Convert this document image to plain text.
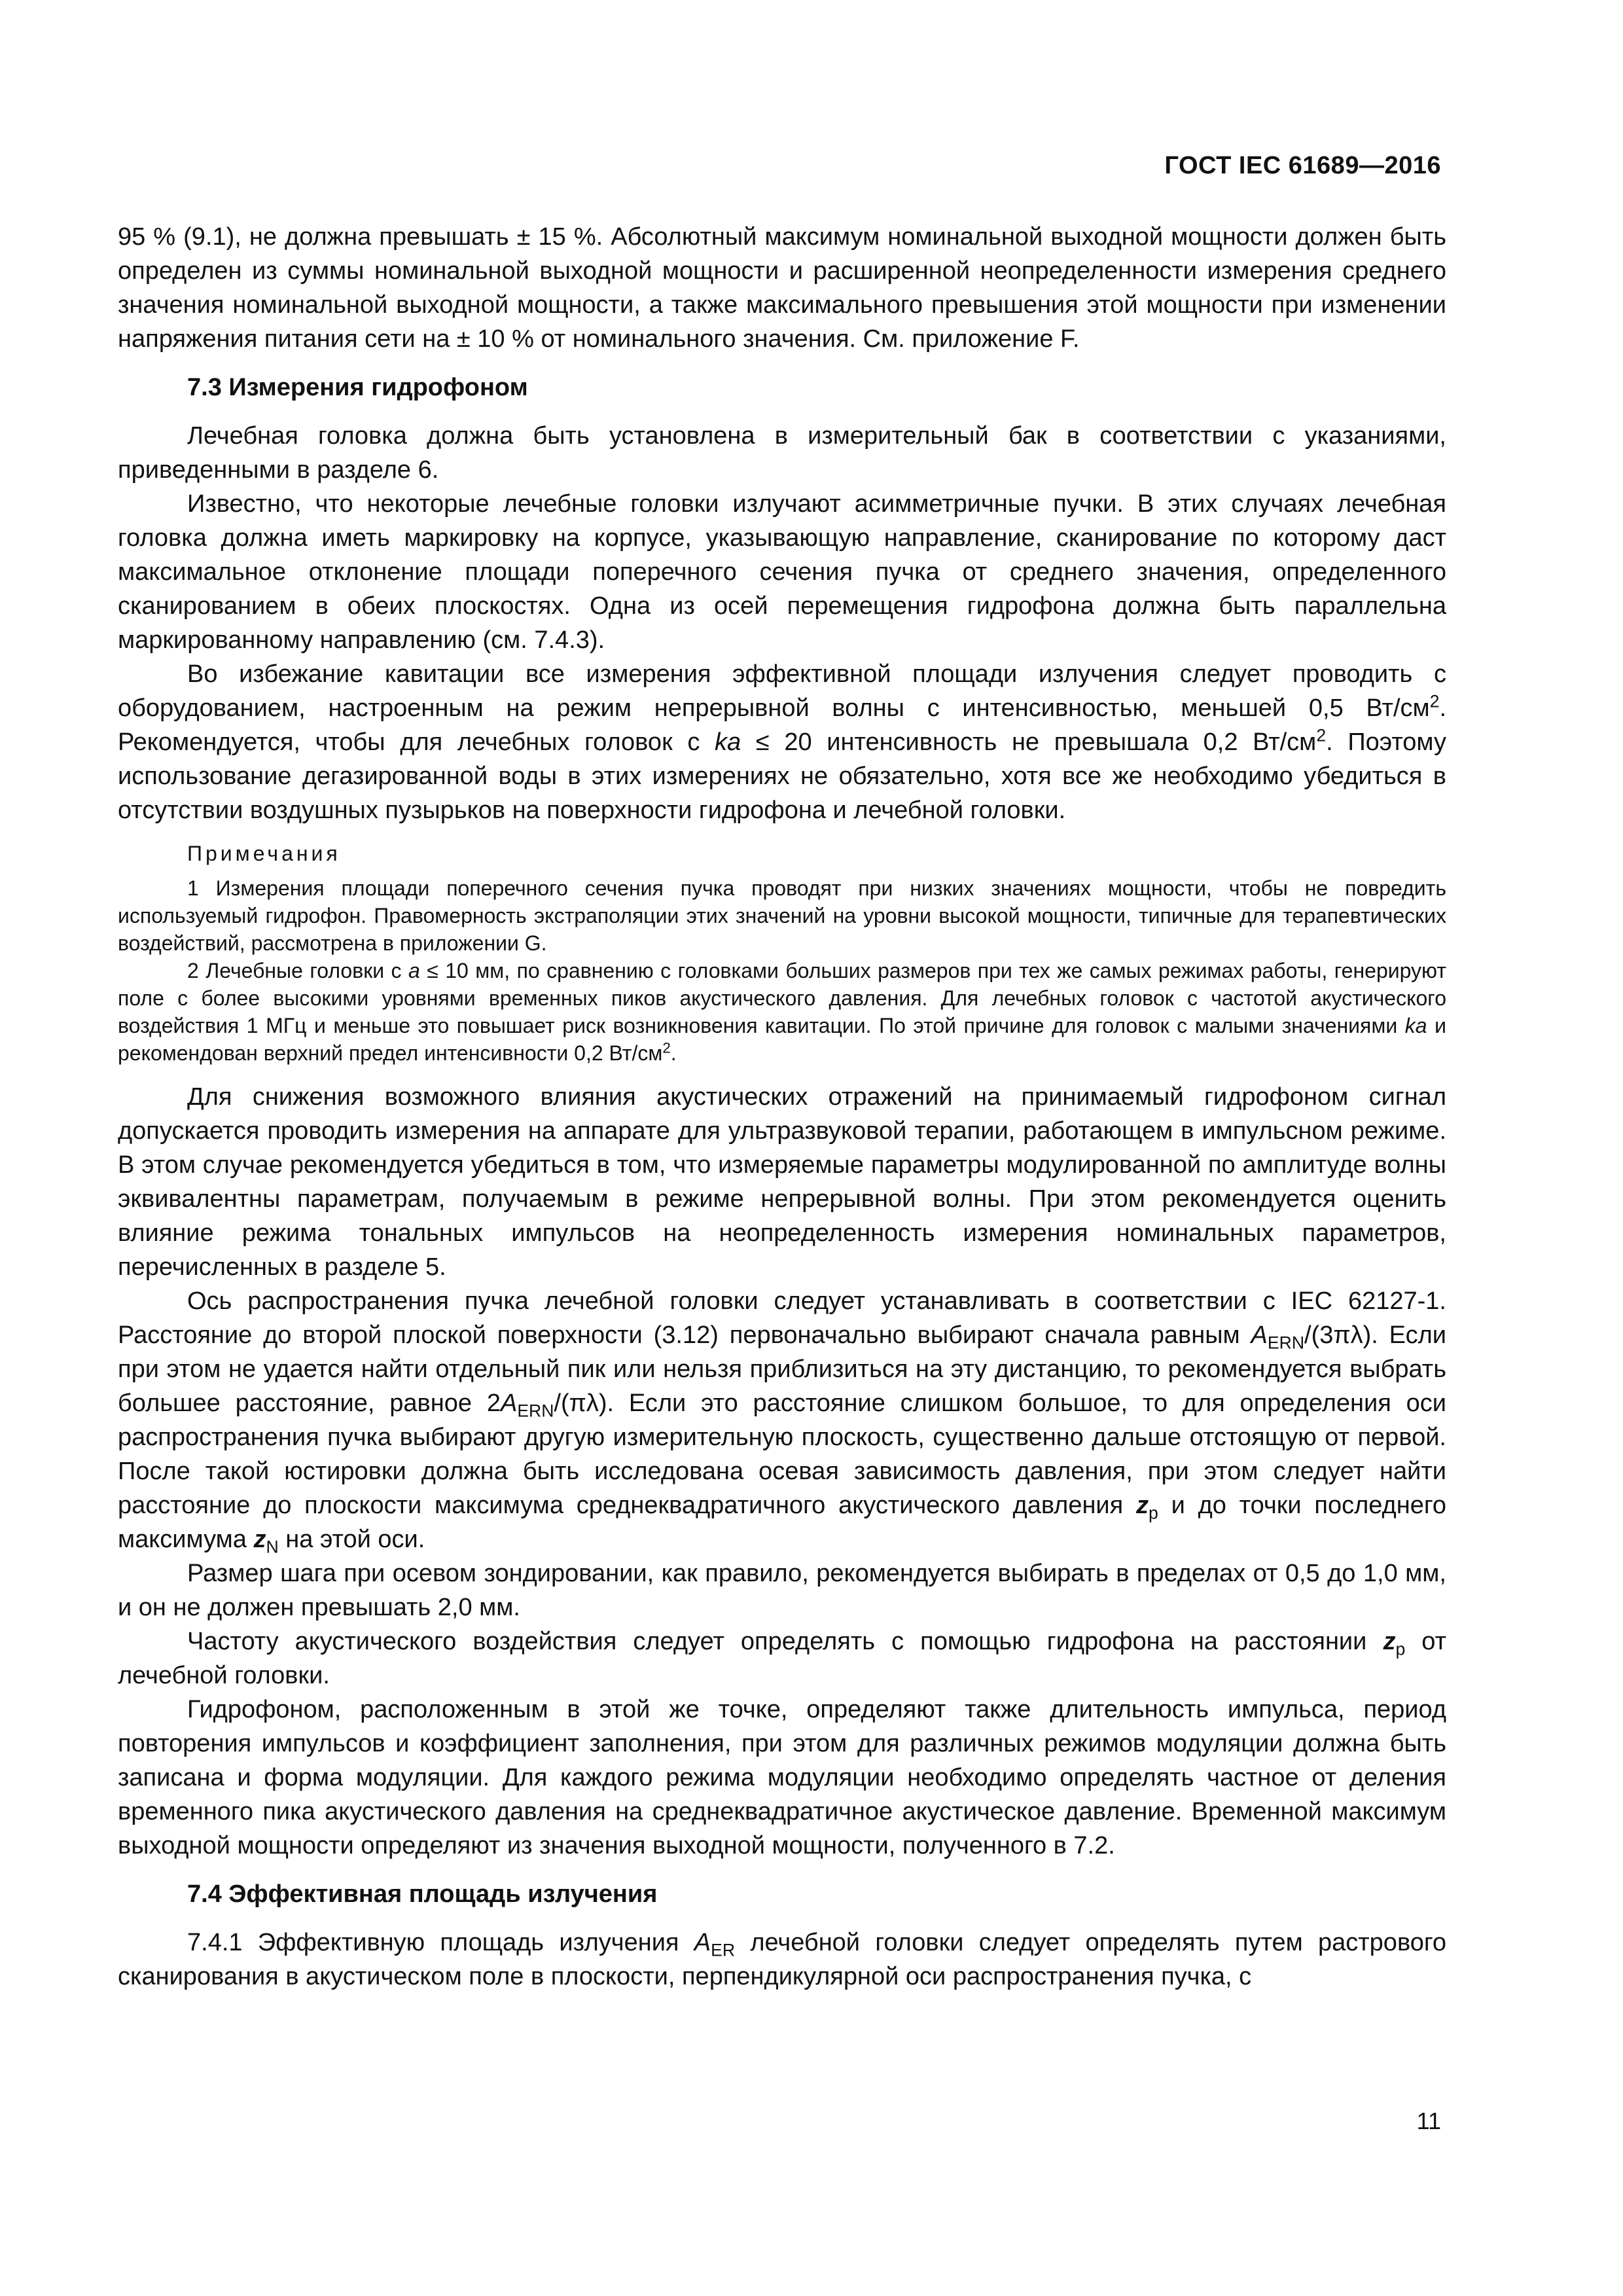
ГОСТ IEC 61689—2016

95 % (9.1), не должна превышать ± 15 %. Абсолютный максимум номинальной выходной мощности должен быть определен из суммы номинальной выходной мощности и расширенной неопределенности измерения среднего значения номинальной выходной мощности, а также максимального превышения этой мощности при изменении напряжения питания сети на ± 10 % от номинального значения. См. приложение F.

7.3 Измерения гидрофоном

Лечебная головка должна быть установлена в измерительный бак в соответствии с указаниями, приведенными в разделе 6.

Известно, что некоторые лечебные головки излучают асимметричные пучки. В этих случаях лечебная головка должна иметь маркировку на корпусе, указывающую направление, сканирование по которому даст максимальное отклонение площади поперечного сечения пучка от среднего значения, определенного сканированием в обеих плоскостях. Одна из осей перемещения гидрофона должна быть параллельна маркированному направлению (см. 7.4.3).

Во избежание кавитации все измерения эффективной площади излучения следует проводить с оборудованием, настроенным на режим непрерывной волны с интенсивностью, меньшей 0,5 $Вт/см^2$. Рекомендуется, чтобы для лечебных головок с ka ≤ 20 интенсивность не превышала 0,2 $Вт/см^2$. Поэтому использование дегазированной воды в этих измерениях не обязательно, хотя все же необходимо убедиться в отсутствии воздушных пузырьков на поверхности гидрофона и лечебной головки.

Примечания

1 Измерения площади поперечного сечения пучка проводят при низких значениях мощности, чтобы не повредить используемый гидрофон. Правомерность экстраполяции этих значений на уровни высокой мощности, типичные для терапевтических воздействий, рассмотрена в приложении G.

2 Лечебные головки с a ≤ 10 мм, по сравнению с головками больших размеров при тех же самых режимах работы, генерируют поле с более высокими уровнями временных пиков акустического давления. Для лечебных головок с частотой акустического воздействия 1 МГц и меньше это повышает риск возникновения кавитации. По этой причине для головок с малыми значениями ka и рекомендован верхний предел интенсивности 0,2 $Вт/см^2$.

Для снижения возможного влияния акустических отражений на принимаемый гидрофоном сигнал допускается проводить измерения на аппарате для ультразвуковой терапии, работающем в импульсном режиме. В этом случае рекомендуется убедиться в том, что измеряемые параметры модулированной по амплитуде волны эквивалентны параметрам, получаемым в режиме непрерывной волны. При этом рекомендуется оценить влияние режима тональных импульсов на неопределенность измерения номинальных параметров, перечисленных в разделе 5.

Ось распространения пучка лечебной головки следует устанавливать в соответствии с IEC 62127-1. Расстояние до второй плоской поверхности (3.12) первоначально выбирают сначала равным $A_{ERN}/(3\pi\lambda)$. Если при этом не удается найти отдельный пик или нельзя приблизиться на эту дистанцию, то рекомендуется выбрать большее расстояние, равное $2A_{ERN}/(\pi\lambda)$. Если это расстояние слишком большое, то для определения оси распространения пучка выбирают другую измерительную плоскость, существенно дальше отстоящую от первой. После такой юстировки должна быть исследована осевая зависимость давления, при этом следует найти расстояние до плоскости максимума среднеквадратичного акустического давления $z_p$ и до точки последнего максимума $z_N$ на этой оси.

Размер шага при осевом зондировании, как правило, рекомендуется выбирать в пределах от 0,5 до 1,0 мм, и он не должен превышать 2,0 мм.

Частоту акустического воздействия следует определять с помощью гидрофона на расстоянии $z_p$ от лечебной головки.

Гидрофоном, расположенным в этой же точке, определяют также длительность импульса, период повторения импульсов и коэффициент заполнения, при этом для различных режимов модуляции должна быть записана и форма модуляции. Для каждого режима модуляции необходимо определять частное от деления временного пика акустического давления на среднеквадратичное акустическое давление. Временной максимум выходной мощности определяют из значения выходной мощности, полученного в 7.2.

7.4 Эффективная площадь излучения

7.4.1 Эффективную площадь излучения $A_{ER}$ лечебной головки следует определять путем растрового сканирования в акустическом поле в плоскости, перпендикулярной оси распространения пучка, с

11
